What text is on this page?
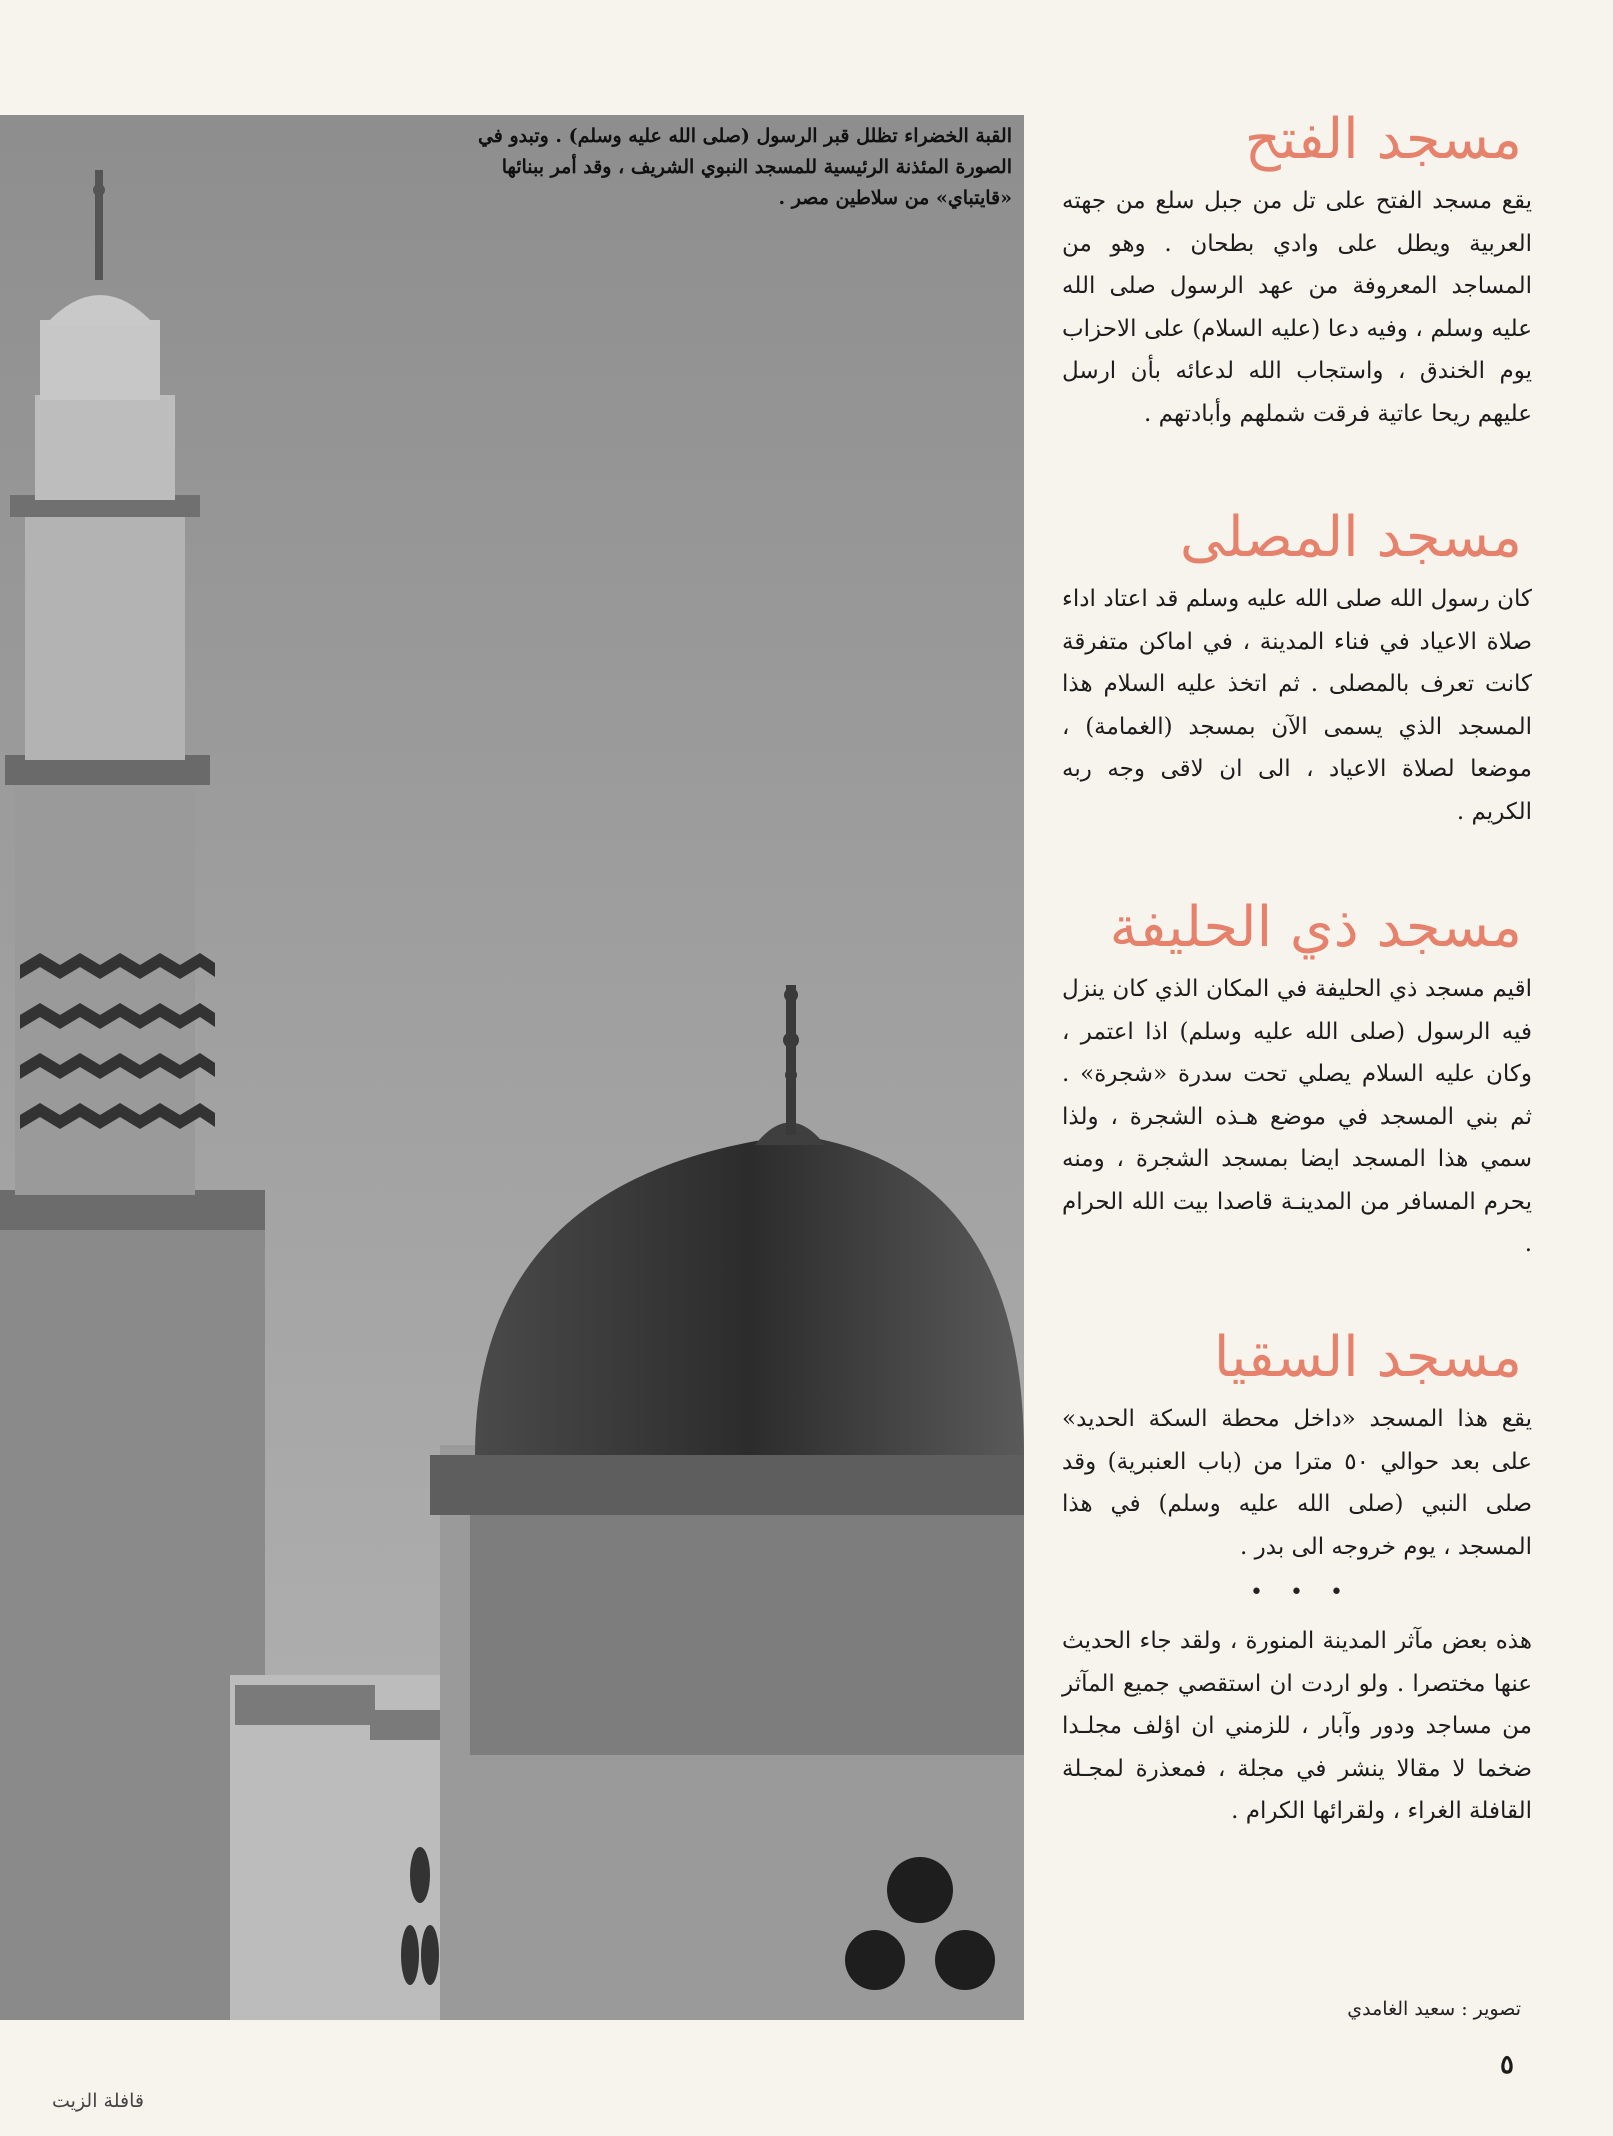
القبة الخضراء تظلل قبر الرسول (صلى الله عليه وسلم) . وتبدو في الصورة المئذنة الرئيسية للمسجد النبوي الشريف ، وقد أمر ببنائها «قايتباي» من سلاطين مصر .
مسجد الفتح

يقع مسجد الفتح على تل من جبل سلع من جهته العربية ويطل على وادي بطحان . وهو من المساجد المعروفة من عهد الرسول صلى الله عليه وسلم ، وفيه دعا (عليه السلام) على الاحزاب يوم الخندق ، واستجاب الله لدعائه بأن ارسل عليهم ريحا عاتية فرقت شملهم وأبادتهم .

مسجد المصلى

كان رسول الله صلى الله عليه وسلم قد اعتاد اداء صلاة الاعياد في فناء المدينة ، في اماكن متفرقة كانت تعرف بالمصلى . ثم اتخذ عليه السلام هذا المسجد الذي يسمى الآن بمسجد (الغمامة) ، موضعا لصلاة الاعياد ، الى ان لاقى وجه ربه الكريم .

مسجد ذي الحليفة

اقيم مسجد ذي الحليفة في المكان الذي كان ينزل فيه الرسول (صلى الله عليه وسلم) اذا اعتمر ، وكان عليه السلام يصلي تحت سدرة «شجرة» . ثم بني المسجد في موضع هـذه الشجرة ، ولذا سمي هذا المسجد ايضا بمسجد الشجرة ، ومنه يحرم المسافر من المدينـة قاصدا بيت الله الحرام .

مسجد السقيا

يقع هذا المسجد «داخل محطة السكة الحديد» على بعد حوالي ٥٠ مترا من (باب العنبرية) وقد صلى النبي (صلى الله عليه وسلم) في هذا المسجد ، يوم خروجه الى بدر .

• • •

هذه بعض مآثر المدينة المنورة ، ولقد جاء الحديث عنها مختصرا . ولو اردت ان استقصي جميع المآثر من مساجد ودور وآبار ، للزمني ان اؤلف مجلـدا ضخما لا مقالا ينشر في مجلة ، فمعذرة لمجـلة القافلة الغراء ، ولقرائها الكرام .

تصوير : سعيد الغامدي
٥
قافلة الزيت
